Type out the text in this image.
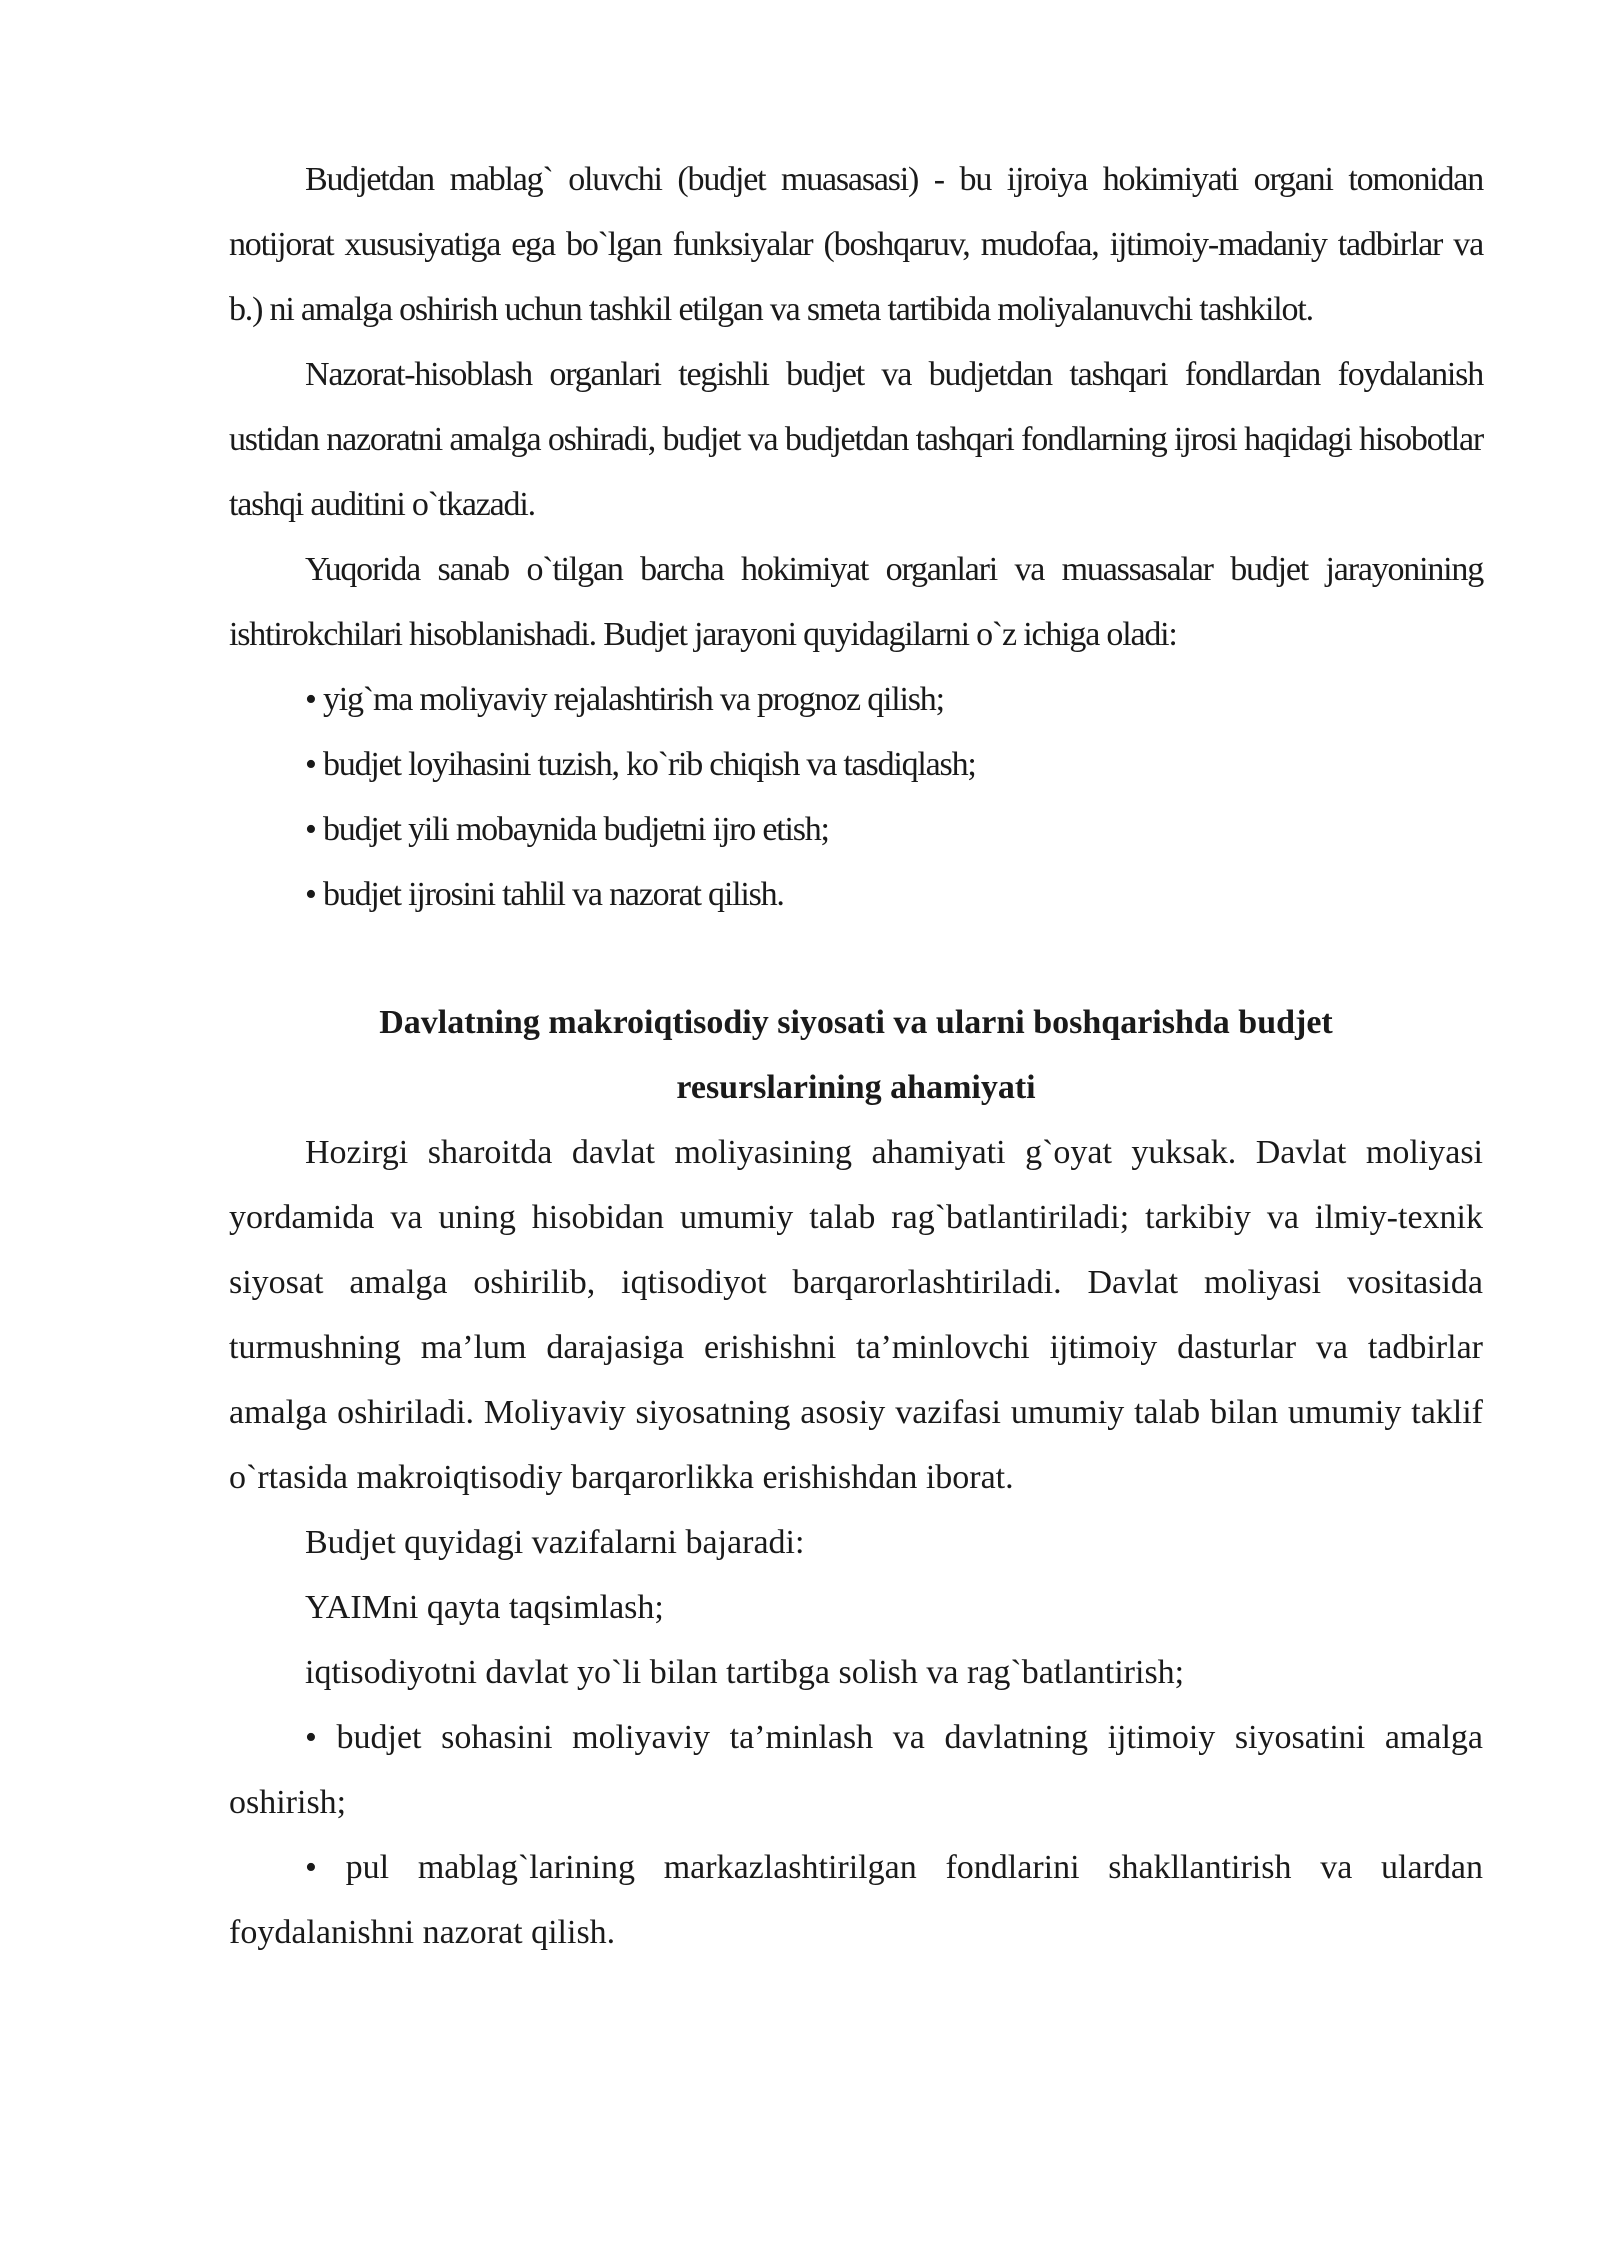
Budjetdan mablag` oluvchi (budjet muasasasi) - bu ijroiya hokimiyati organi tomonidan notijorat xususiyatiga ega bo`lgan funksiyalar (boshqaruv, mudofaa, ijtimoiy-madaniy tadbirlar va b.) ni amalga oshirish uchun tashkil etilgan va smeta tartibida moliyalanuvchi tashkilot.

Nazorat-hisoblash organlari tegishli budjet va budjetdan tashqari fondlardan foydalanish ustidan nazoratni amalga oshiradi, budjet va budjetdan tashqari fondlarning ijrosi haqidagi hisobotlar tashqi auditini o`tkazadi.

Yuqorida sanab o`tilgan barcha hokimiyat organlari va muassasalar budjet jarayonining ishtirokchilari hisoblanishadi. Budjet jarayoni quyidagilarni o`z ichiga oladi:

• yig`ma moliyaviy rejalashtirish va prognoz qilish;

• budjet loyihasini tuzish, ko`rib chiqish va tasdiqlash;

• budjet yili mobaynida budjetni ijro etish;

• budjet ijrosini tahlil va nazorat qilish.

Davlatning makroiqtisodiy siyosati va ularni boshqarishda budjet
resurslarining ahamiyati

Hozirgi sharoitda davlat moliyasining ahamiyati g`oyat yuksak. Davlat moliyasi yordamida va uning hisobidan umumiy talab rag`batlantiriladi; tarkibiy va ilmiy-texnik siyosat amalga oshirilib, iqtisodiyot barqarorlashtiriladi. Davlat moliyasi vositasida turmushning ma’lum darajasiga erishishni ta’minlovchi ijtimoiy dasturlar va tadbirlar amalga oshiriladi. Moliyaviy siyosatning asosiy vazifasi umumiy talab bilan umumiy taklif o`rtasida makroiqtisodiy barqarorlikka erishishdan iborat.

Budjet quyidagi vazifalarni bajaradi:

YAIMni qayta taqsimlash;

iqtisodiyotni davlat yo`li bilan tartibga solish va rag`batlantirish;

• budjet sohasini moliyaviy ta’minlash va davlatning ijtimoiy siyosatini amalga oshirish;

• pul mablag`larining markazlashtirilgan fondlarini shakllantirish va ulardan foydalanishni nazorat qilish.
